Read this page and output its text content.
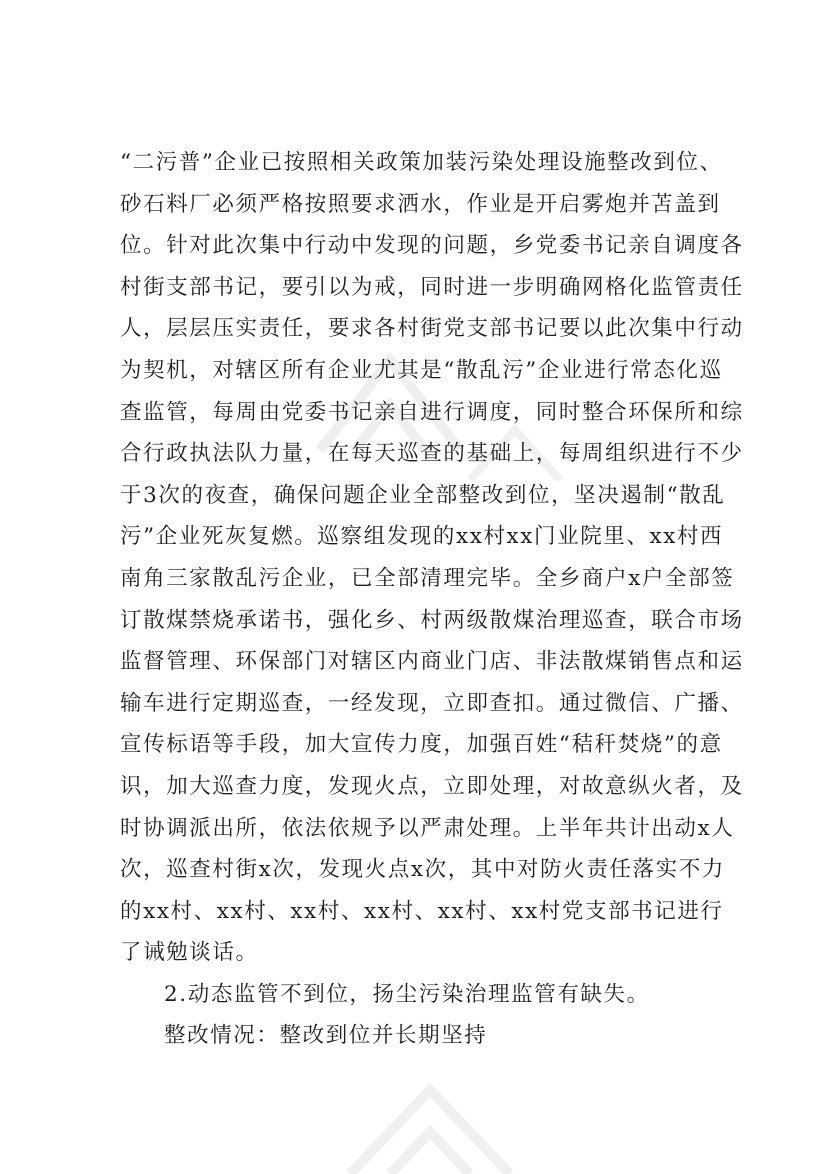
“二污普”企业已按照相关政策加装污染处理设施整改到位、
砂石料厂必须严格按照要求洒水，作业是开启雾炮并苫盖到
位。针对此次集中行动中发现的问题，乡党委书记亲自调度各
村街支部书记，要引以为戒，同时进一步明确网格化监管责任
人，层层压实责任，要求各村街党支部书记要以此次集中行动
为契机，对辖区所有企业尤其是“散乱污”企业进行常态化巡
查监管，每周由党委书记亲自进行调度，同时整合环保所和综
合行政执法队力量，在每天巡查的基础上，每周组织进行不少
于3次的夜查，确保问题企业全部整改到位，坚决遏制“散乱
污”企业死灰复燃。巡察组发现的xx村xx门业院里、xx村西
南角三家散乱污企业，已全部清理完毕。全乡商户x户全部签
订散煤禁烧承诺书，强化乡、村两级散煤治理巡查，联合市场
监督管理、环保部门对辖区内商业门店、非法散煤销售点和运
输车进行定期巡查，一经发现，立即查扣。通过微信、广播、
宣传标语等手段，加大宣传力度，加强百姓“秸秆焚烧”的意
识，加大巡查力度，发现火点，立即处理，对故意纵火者，及
时协调派出所，依法依规予以严肃处理。上半年共计出动x人
次，巡查村街x次，发现火点x次，其中对防火责任落实不力
的xx村、xx村、xx村、xx村、xx村、xx村党支部书记进行
了诫勉谈话。
2.动态监管不到位，扬尘污染治理监管有缺失。
整改情况：整改到位并长期坚持
